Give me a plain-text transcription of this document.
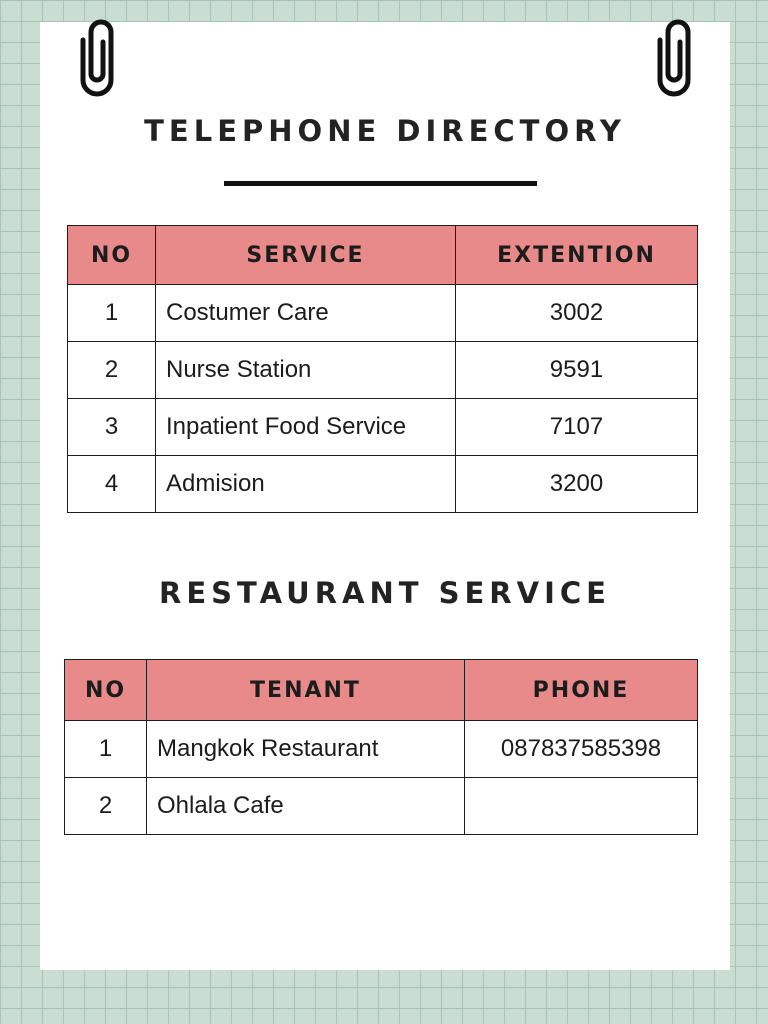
TELEPHONE DIRECTORY
NO	SERVICE	EXTENTION
1	Costumer Care	3002
2	Nurse Station	9591
3	Inpatient Food Service	7107
4	Admision	3200
RESTAURANT SERVICE
NO	TENANT	PHONE
1	Mangkok Restaurant	087837585398
2	Ohlala Cafe	
